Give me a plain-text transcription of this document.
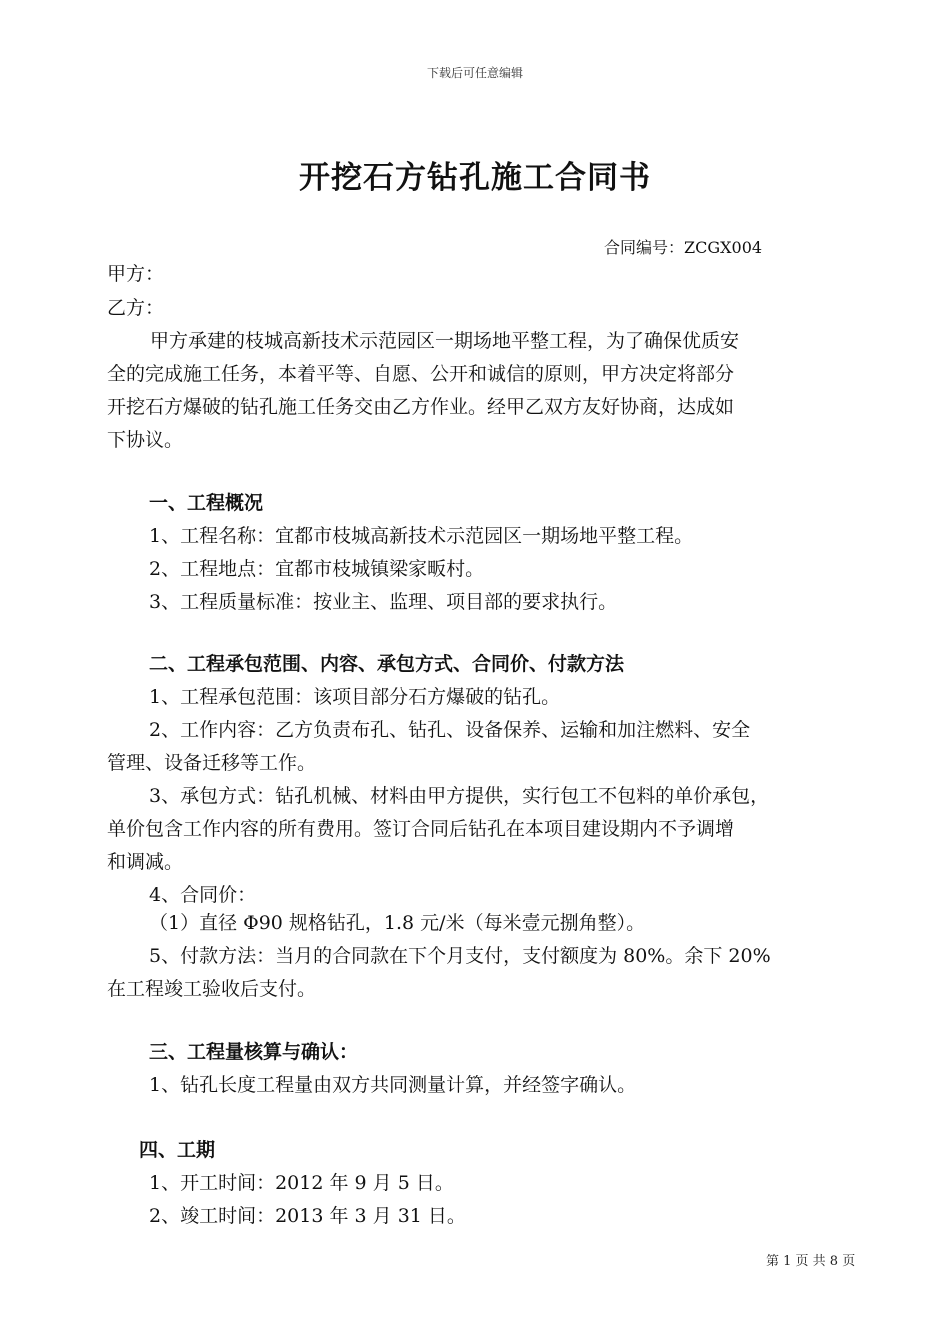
下载后可任意编辑
开挖石方钻孔施工合同书
合同编号：ZCGX004
甲方：
乙方：
甲方承建的枝城高新技术示范园区一期场地平整工程，为了确保优质安
全的完成施工任务，本着平等、自愿、公开和诚信的原则，甲方决定将部分
开挖石方爆破的钻孔施工任务交由乙方作业。经甲乙双方友好协商，达成如
下协议。
一、工程概况
1、工程名称：宜都市枝城高新技术示范园区一期场地平整工程。
2、工程地点：宜都市枝城镇梁家畈村。
3、工程质量标准：按业主、监理、项目部的要求执行。
二、工程承包范围、内容、承包方式、合同价、付款方法
1、工程承包范围：该项目部分石方爆破的钻孔。
2、工作内容：乙方负责布孔、钻孔、设备保养、运输和加注燃料、安全
管理、设备迁移等工作。
3、承包方式：钻孔机械、材料由甲方提供，实行包工不包料的单价承包，
单价包含工作内容的所有费用。签订合同后钻孔在本项目建设期内不予调增
和调减。
4、合同价：
（1）直径 Φ90 规格钻孔，1.8 元/米（每米壹元捌角整）。
5、付款方法：当月的合同款在下个月支付，支付额度为 80%。余下 20%
在工程竣工验收后支付。
三、工程量核算与确认：
1、钻孔长度工程量由双方共同测量计算，并经签字确认。
四、工期
1、开工时间：2012 年 9 月 5 日。
2、竣工时间：2013 年 3 月 31 日。
第 1 页 共 8 页
